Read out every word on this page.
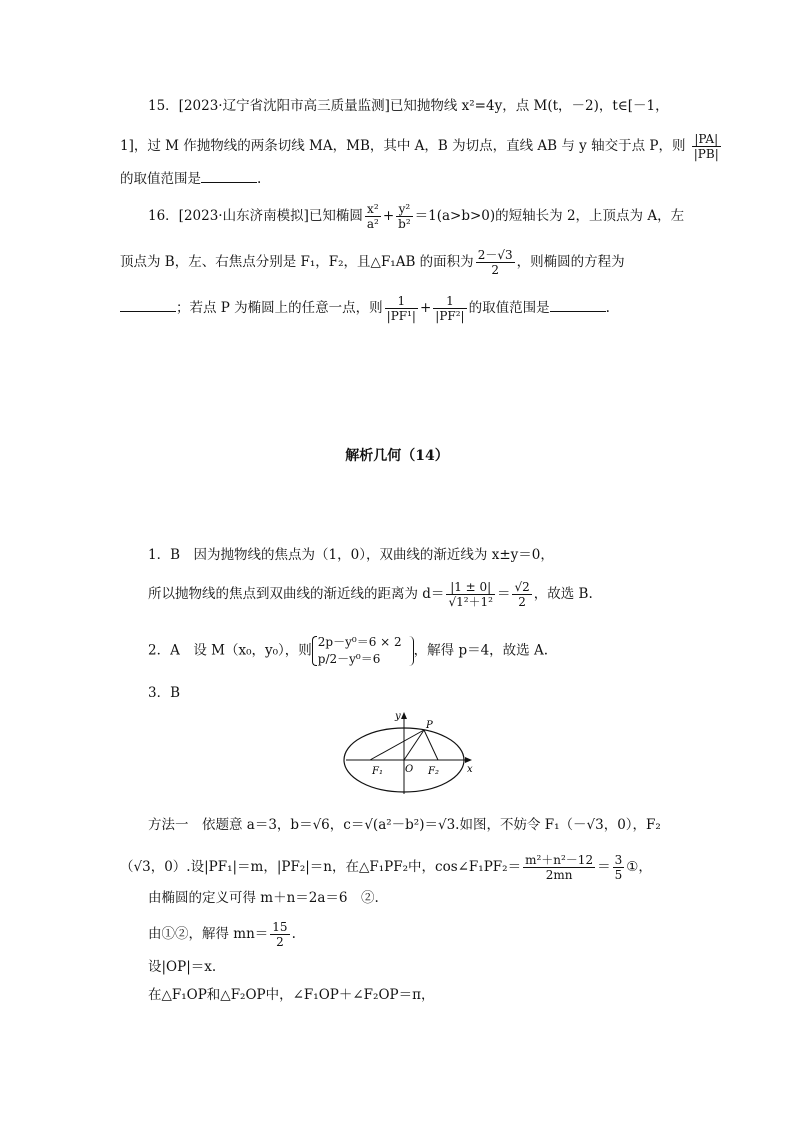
15．[2023·辽宁省沈阳市高三质量监测]已知抛物线 x²=4y，点 M(t，－2)，t∈[－1，
1]，过 M 作抛物线的两条切线 MA，MB，其中 A，B 为切点，直线 AB 与 y 轴交于点 P，则 $\frac{|PA|}{|PB|}$
的取值范围是	.
16．[2023·山东济南模拟]已知椭圆 $\frac{\text{x²}}{\text{a²}} + \frac{\text{y²}}{\text{b²}} =1(a>b>0)$的短轴长为 2，上顶点为 A，左
顶点为 B，左、右焦点分别是 F₁，F₂，且△F₁AB 的面积为 $\frac{2-√3}{2}$ ，则椭圆的方程为
；若点 P 为椭圆上的任意一点，则 $\frac{1}{\text{|PF¹|}} + \frac{1}{\text{|PF²|}}$ 的取值范围是	.
解析几何（14）
1．B　因为抛物线的焦点为（1，0），双曲线的渐近线为 x±y＝0，
所以抛物线的焦点到双曲线的渐近线的距离为 $d= \frac{|1 \pm 0|}{\text{√1²＋1²}} = \frac{√2}{2}$ ，故选 B.
2．A　设 M（x₀，y₀），则
2p－y⁰＝6 × 2
p/2－y⁰＝6
，解得 p＝4，故选 A.
3．B
y
x
P
F₁ O F₂
方法一　依题意 a＝3，b＝√6，c＝√(a²－b²)＝√3.如图，不妨令 F₁（－√3，0），F₂
（√3，0）.设|PF₁|＝m，|PF₂|＝n，在△F₁PF₂中，cos∠F₁PF₂＝ $\frac{\text{m²＋n²－12}}{2mn} = \frac{3}{5}$ ①，
由椭圆的定义可得 m＋n＝2a＝6　②.
由①②，解得 $mn= \frac{15}{2}$ .
设|OP|＝x.
在△F₁OP和△F₂OP中，∠F₁OP＋∠F₂OP＝π，
